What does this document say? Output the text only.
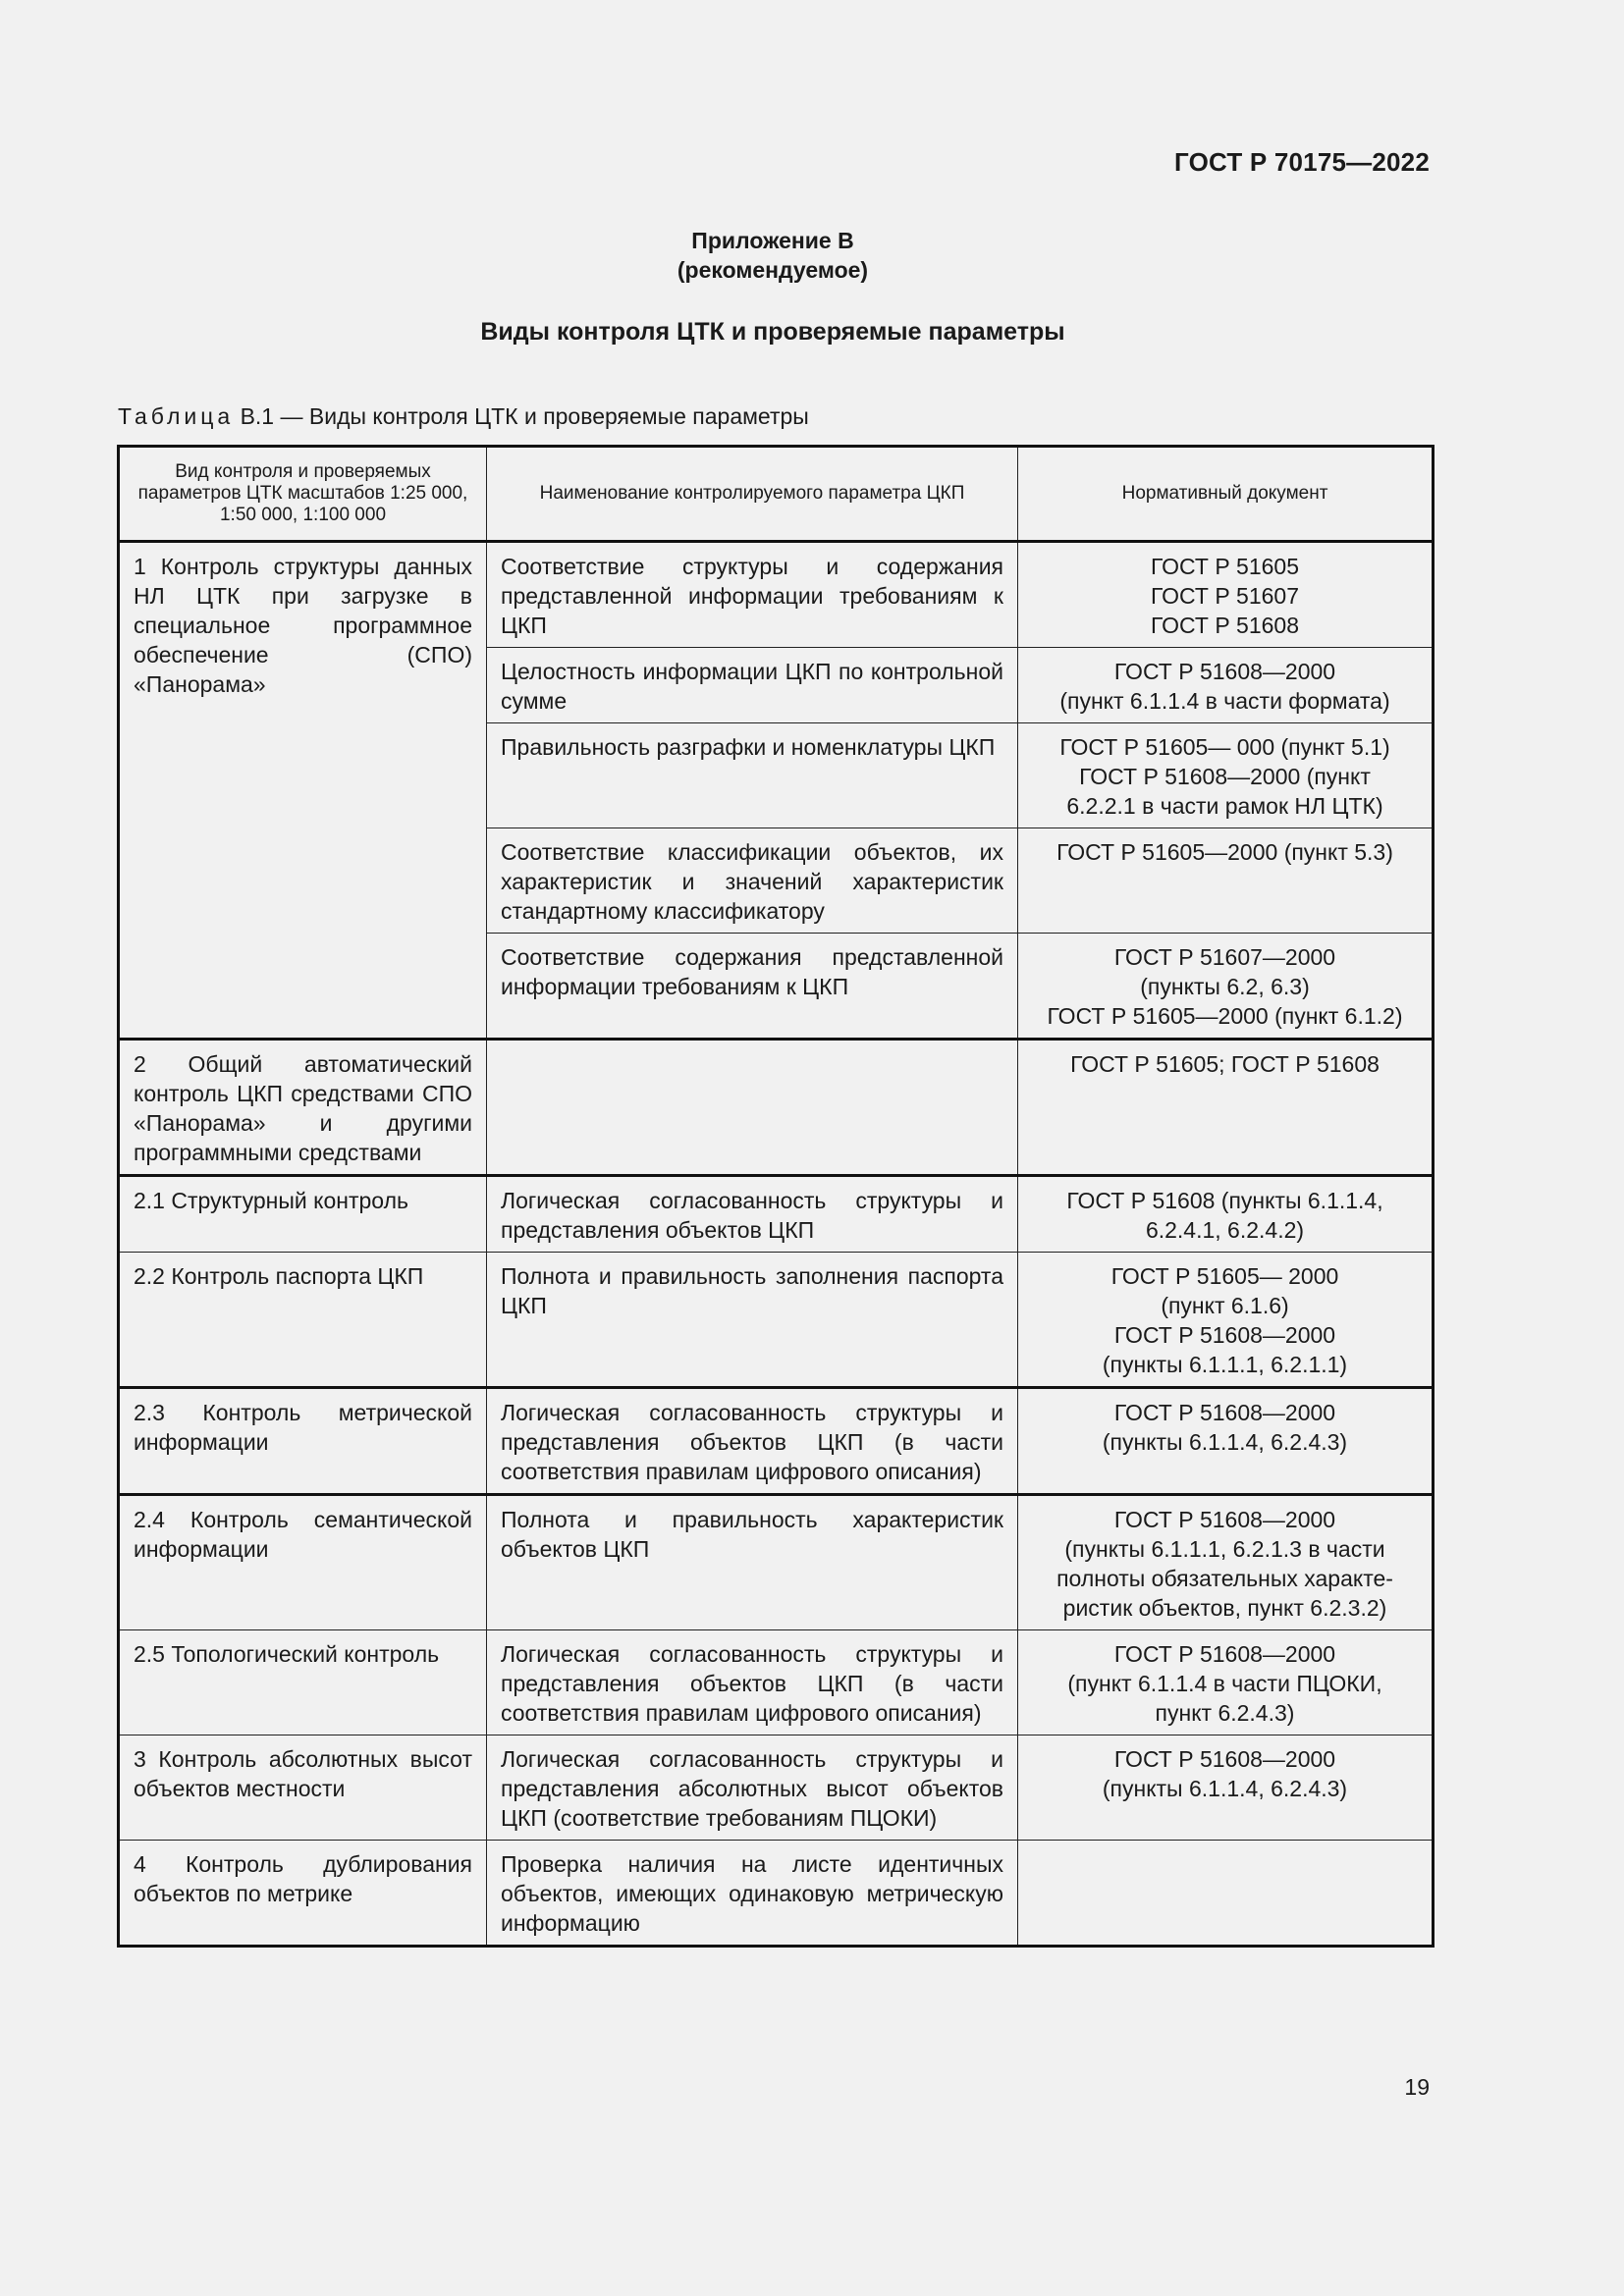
ГОСТ Р 70175—2022
Приложение В
(рекомендуемое)
Виды контроля ЦТК и проверяемые параметры
Таблица В.1 — Виды контроля ЦТК и проверяемые параметры
Вид контроля и проверяемых параметров ЦТК масштабов 1:25 000, 1:50 000, 1:100 000	Наименование контролируемого параметра ЦКП	Нормативный документ
1 Контроль структуры данных НЛ ЦТК при загрузке в специальное программное обеспечение (СПО) «Панорама»	Соответствие структуры и содержания представленной информации требованиям к ЦКП	ГОСТ Р 51605
ГОСТ Р 51607
ГОСТ Р 51608

	Целостность информации ЦКП по контрольной сумме	ГОСТ Р 51608—2000
(пункт 6.1.1.4 в части формата)

	Правильность разграфки и номенклатуры ЦКП	ГОСТ Р 51605— 000 (пункт 5.1)
ГОСТ Р 51608—2000 (пункт
6.2.2.1 в части рамок НЛ ЦТК)

	Соответствие классификации объектов, их характеристик и значений характеристик стандартному классификатору	ГОСТ Р 51605—2000 (пункт 5.3)

	Соответствие содержания представленной информации требованиям к ЦКП	ГОСТ Р 51607—2000
(пункты 6.2, 6.3)
ГОСТ Р 51605—2000 (пункт 6.1.2)

2 Общий автоматический контроль ЦКП средствами СПО «Панорама» и другими программными средствами		ГОСТ Р 51605; ГОСТ Р 51608

2.1 Структурный контроль	Логическая согласованность структуры и представления объектов ЦКП	ГОСТ Р 51608 (пункты 6.1.1.4,
6.2.4.1, 6.2.4.2)

2.2 Контроль паспорта ЦКП	Полнота и правильность заполнения паспорта ЦКП	ГОСТ Р 51605— 2000
(пункт 6.1.6)
ГОСТ Р 51608—2000
(пункты 6.1.1.1, 6.2.1.1)

2.3 Контроль метрической информации	Логическая согласованность структуры и представления объектов ЦКП (в части соответствия правилам цифрового описания)	ГОСТ Р 51608—2000
(пункты 6.1.1.4, 6.2.4.3)

2.4 Контроль семантической информации	Полнота и правильность характеристик объектов ЦКП	ГОСТ Р 51608—2000
(пункты 6.1.1.1, 6.2.1.3 в части
полноты обязательных характе-
ристик объектов, пункт 6.2.3.2)

2.5 Топологический контроль	Логическая согласованность структуры и представления объектов ЦКП (в части соответствия правилам цифрового описания)	ГОСТ Р 51608—2000
(пункт 6.1.1.4 в части ПЦОКИ,
пункт 6.2.4.3)

3 Контроль абсолютных высот объектов местности	Логическая согласованность структуры и представления абсолютных высот объектов ЦКП (соответствие требованиям ПЦОКИ)	ГОСТ Р 51608—2000
(пункты 6.1.1.4, 6.2.4.3)

4 Контроль дублирования объектов по метрике	Проверка наличия на листе идентичных объектов, имеющих одинаковую метрическую информацию	
19
